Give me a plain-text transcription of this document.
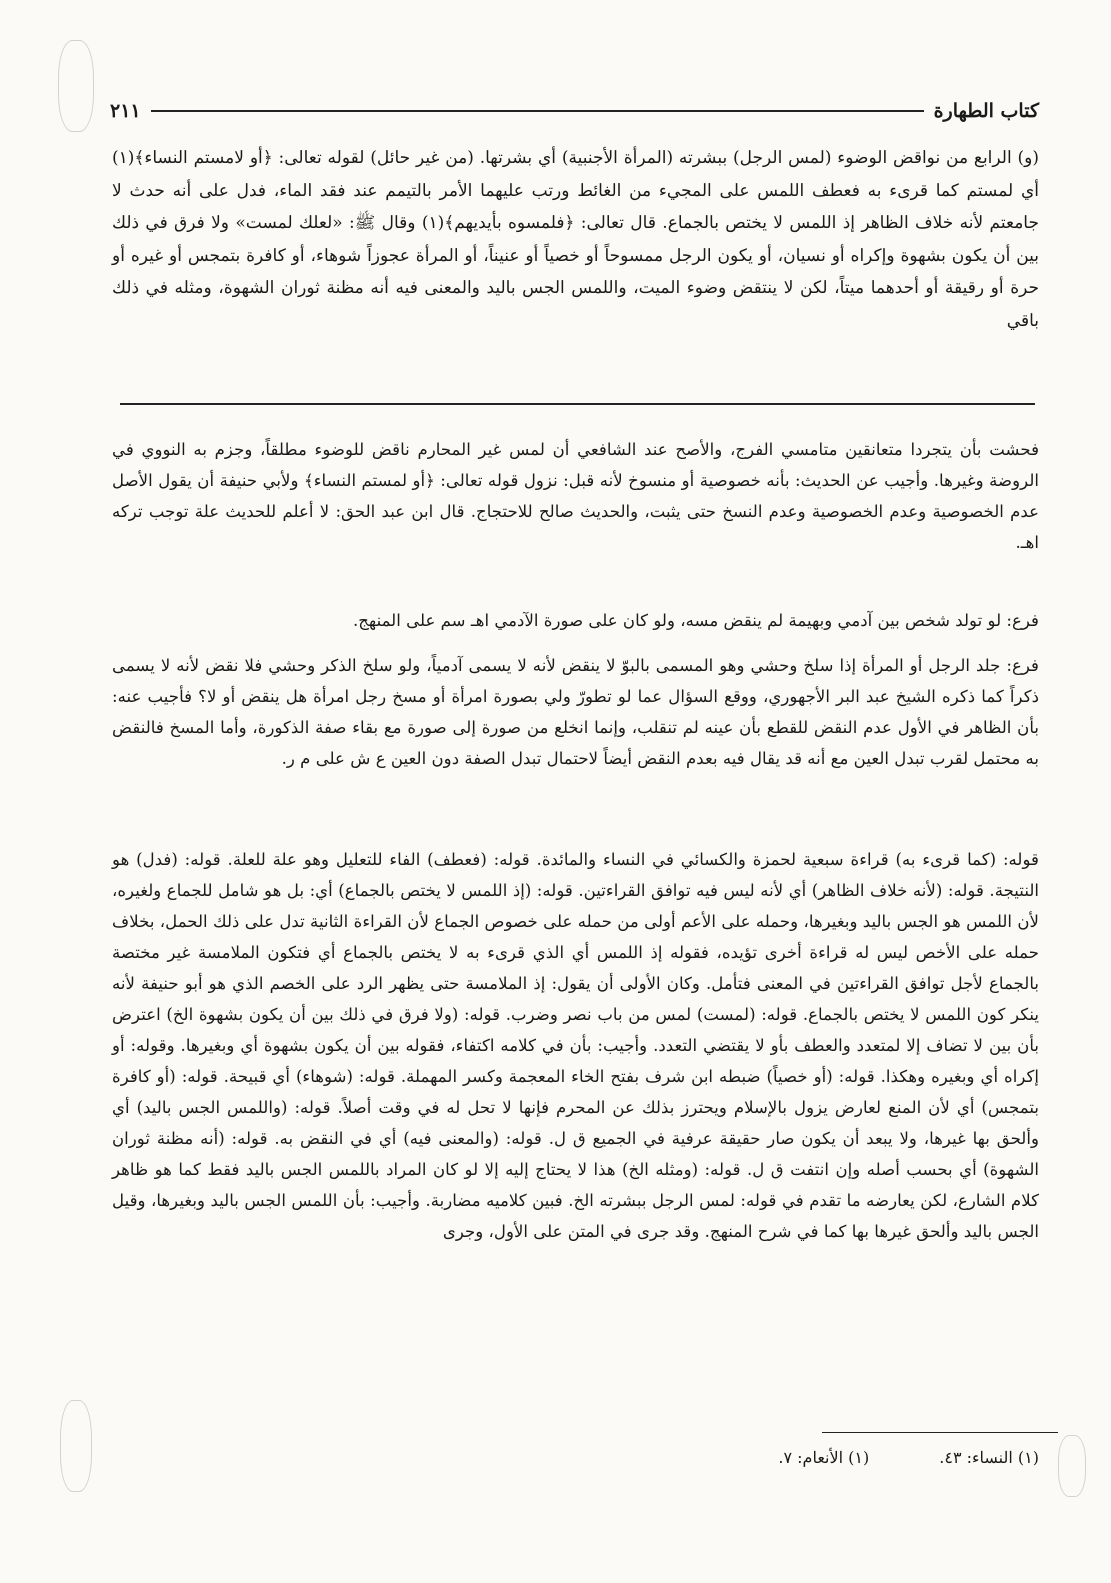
كتاب الطهارة
٢١١

(و) الرابع من نواقض الوضوء (لمس الرجل) ببشرته (المرأة الأجنبية) أي بشرتها. (من غير حائل) لقوله تعالى: ﴿أو لامستم النساء﴾(١) أي لمستم كما قرىء به فعطف اللمس على المجيء من الغائط ورتب عليهما الأمر بالتيمم عند فقد الماء، فدل على أنه حدث لا جامعتم لأنه خلاف الظاهر إذ اللمس لا يختص بالجماع. قال تعالى: ﴿فلمسوه بأيديهم﴾(١) وقال ﷺ: «لعلك لمست» ولا فرق في ذلك بين أن يكون بشهوة وإكراه أو نسيان، أو يكون الرجل ممسوحاً أو خصياً أو عنيناً، أو المرأة عجوزاً شوهاء، أو كافرة بتمجس أو غيره أو حرة أو رقيقة أو أحدهما ميتاً، لكن لا ينتقض وضوء الميت، واللمس الجس باليد والمعنى فيه أنه مظنة ثوران الشهوة، ومثله في ذلك باقي

فحشت بأن يتجردا متعانقين متامسي الفرج، والأصح عند الشافعي أن لمس غير المحارم ناقض للوضوء مطلقاً، وجزم به النووي في الروضة وغيرها. وأجيب عن الحديث: بأنه خصوصية أو منسوخ لأنه قبل: نزول قوله تعالى: ﴿أو لمستم النساء﴾ ولأبي حنيفة أن يقول الأصل عدم الخصوصية وعدم الخصوصية وعدم النسخ حتى يثبت، والحديث صالح للاحتجاج. قال ابن عبد الحق: لا أعلم للحديث علة توجب تركه اهـ.

فرع: لو تولد شخص بين آدمي وبهيمة لم ينقض مسه، ولو كان على صورة الآدمي اهـ سم على المنهج.

فرع: جلد الرجل أو المرأة إذا سلخ وحشي وهو المسمى بالبوّ لا ينقض لأنه لا يسمى آدمياً، ولو سلخ الذكر وحشي فلا نقض لأنه لا يسمى ذكراً كما ذكره الشيخ عبد البر الأجهوري، ووقع السؤال عما لو تطورّ ولي بصورة امرأة أو مسخ رجل امرأة هل ينقض أو لا؟ فأجيب عنه: بأن الظاهر في الأول عدم النقض للقطع بأن عينه لم تنقلب، وإنما انخلع من صورة إلى صورة مع بقاء صفة الذكورة، وأما المسخ فالنقض به محتمل لقرب تبدل العين مع أنه قد يقال فيه بعدم النقض أيضاً لاحتمال تبدل الصفة دون العين ع ش على م ر.

قوله: (كما قرىء به) قراءة سبعية لحمزة والكسائي في النساء والمائدة. قوله: (فعطف) الفاء للتعليل وهو علة للعلة. قوله: (فدل) هو النتيجة. قوله: (لأنه خلاف الظاهر) أي لأنه ليس فيه توافق القراءتين. قوله: (إذ اللمس لا يختص بالجماع) أي: بل هو شامل للجماع ولغيره، لأن اللمس هو الجس باليد وبغيرها، وحمله على الأعم أولى من حمله على خصوص الجماع لأن القراءة الثانية تدل على ذلك الحمل، بخلاف حمله على الأخص ليس له قراءة أخرى تؤيده، فقوله إذ اللمس أي الذي قرىء به لا يختص بالجماع أي فتكون الملامسة غير مختصة بالجماع لأجل توافق القراءتين في المعنى فتأمل. وكان الأولى أن يقول: إذ الملامسة حتى يظهر الرد على الخصم الذي هو أبو حنيفة لأنه ينكر كون اللمس لا يختص بالجماع. قوله: (لمست) لمس من باب نصر وضرب. قوله: (ولا فرق في ذلك بين أن يكون بشهوة الخ) اعترض بأن بين لا تضاف إلا لمتعدد والعطف بأو لا يقتضي التعدد. وأجيب: بأن في كلامه اكتفاء، فقوله بين أن يكون بشهوة أي وبغيرها. وقوله: أو إكراه أي وبغيره وهكذا. قوله: (أو خصياً) ضبطه ابن شرف بفتح الخاء المعجمة وكسر المهملة. قوله: (شوهاء) أي قبيحة. قوله: (أو كافرة بتمجس) أي لأن المنع لعارض يزول بالإسلام ويحترز بذلك عن المحرم فإنها لا تحل له في وقت أصلاً. قوله: (واللمس الجس باليد) أي وألحق بها غيرها، ولا يبعد أن يكون صار حقيقة عرفية في الجميع ق ل. قوله: (والمعنى فيه) أي في النقض به. قوله: (أنه مظنة ثوران الشهوة) أي بحسب أصله وإن انتفت ق ل. قوله: (ومثله الخ) هذا لا يحتاج إليه إلا لو كان المراد باللمس الجس باليد فقط كما هو ظاهر كلام الشارع، لكن يعارضه ما تقدم في قوله: لمس الرجل ببشرته الخ. فبين كلاميه مضاربة. وأجيب: بأن اللمس الجس باليد وبغيرها، وقيل الجس باليد وألحق غيرها بها كما في شرح المنهج. وقد جرى في المتن على الأول، وجرى

(١) النساء: ٤٣.
(١) الأنعام: ٧.
